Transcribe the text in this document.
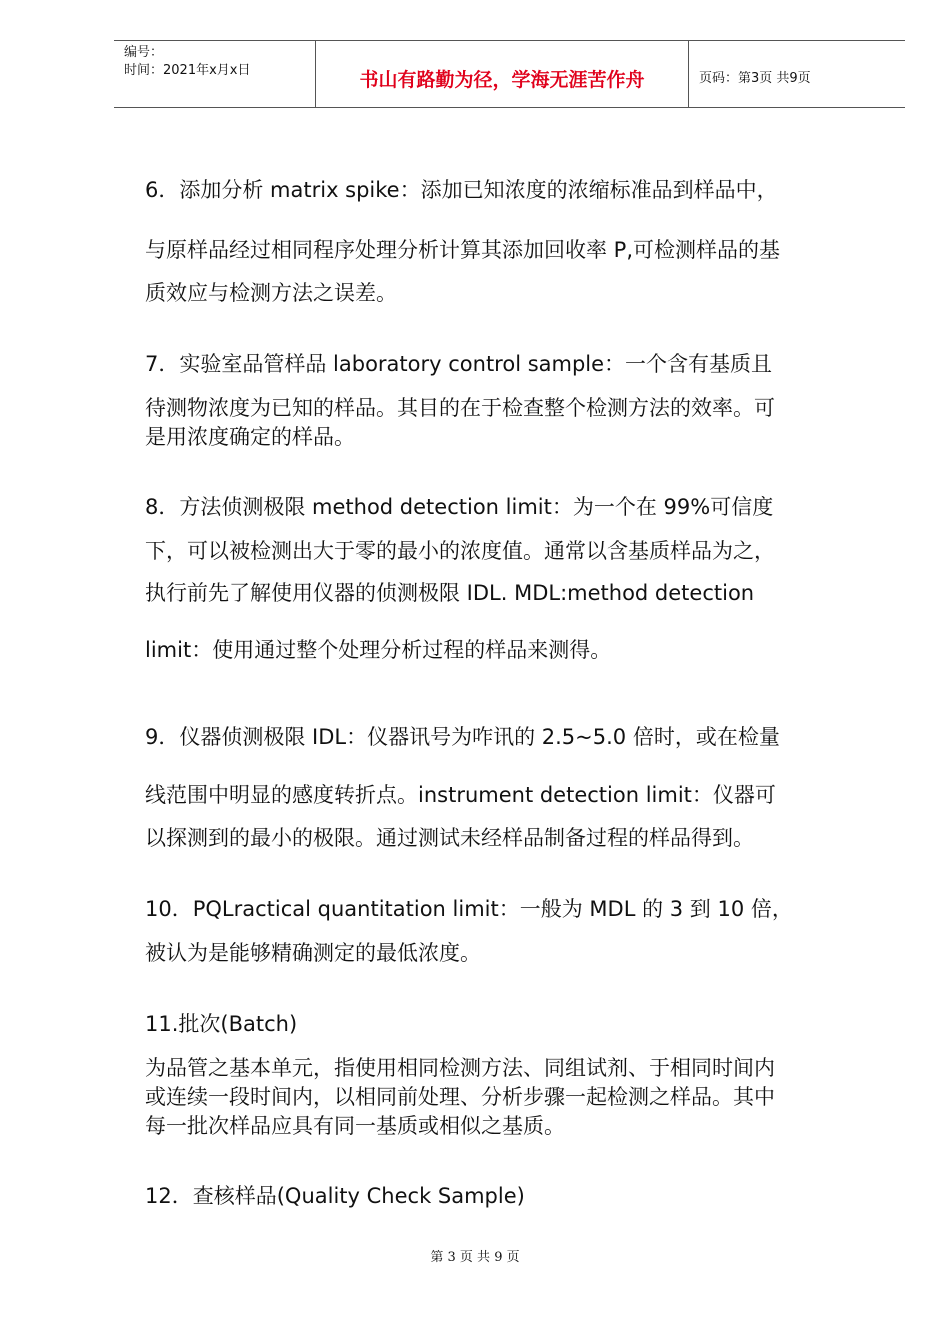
编号：
时间：2021年x月x日	书山有路勤为径，学海无涯苦作舟	页码：第3页 共9页
6．添加分析 matrix spike：添加已知浓度的浓缩标准品到样品中，
与原样品经过相同程序处理分析计算其添加回收率 P,可检测样品的基
质效应与检测方法之误差。
7．实验室品管样品 laboratory control sample：一个含有基质且
待测物浓度为已知的样品。其目的在于检查整个检测方法的效率。可
是用浓度确定的样品。
8．方法侦测极限 method detection limit：为一个在 99%可信度
下，可以被检测出大于零的最小的浓度值。通常以含基质样品为之，
执行前先了解使用仪器的侦测极限 IDL. MDL:method detection
limit：使用通过整个处理分析过程的样品来测得。
9．仪器侦测极限 IDL：仪器讯号为咋讯的 2.5~5.0 倍时，或在检量
线范围中明显的感度转折点。instrument detection limit：仪器可
以探测到的最小的极限。通过测试未经样品制备过程的样品得到。
10．PQLractical quantitation limit：一般为 MDL 的 3 到 10 倍，
被认为是能够精确测定的最低浓度。
11.批次(Batch)
为品管之基本单元，指使用相同检测方法、同组试剂、于相同时间内
或连续一段时间内，以相同前处理、分析步骤一起检测之样品。其中
每一批次样品应具有同一基质或相似之基质。
12．查核样品(Quality Check Sample)
第 3 页 共 9 页
